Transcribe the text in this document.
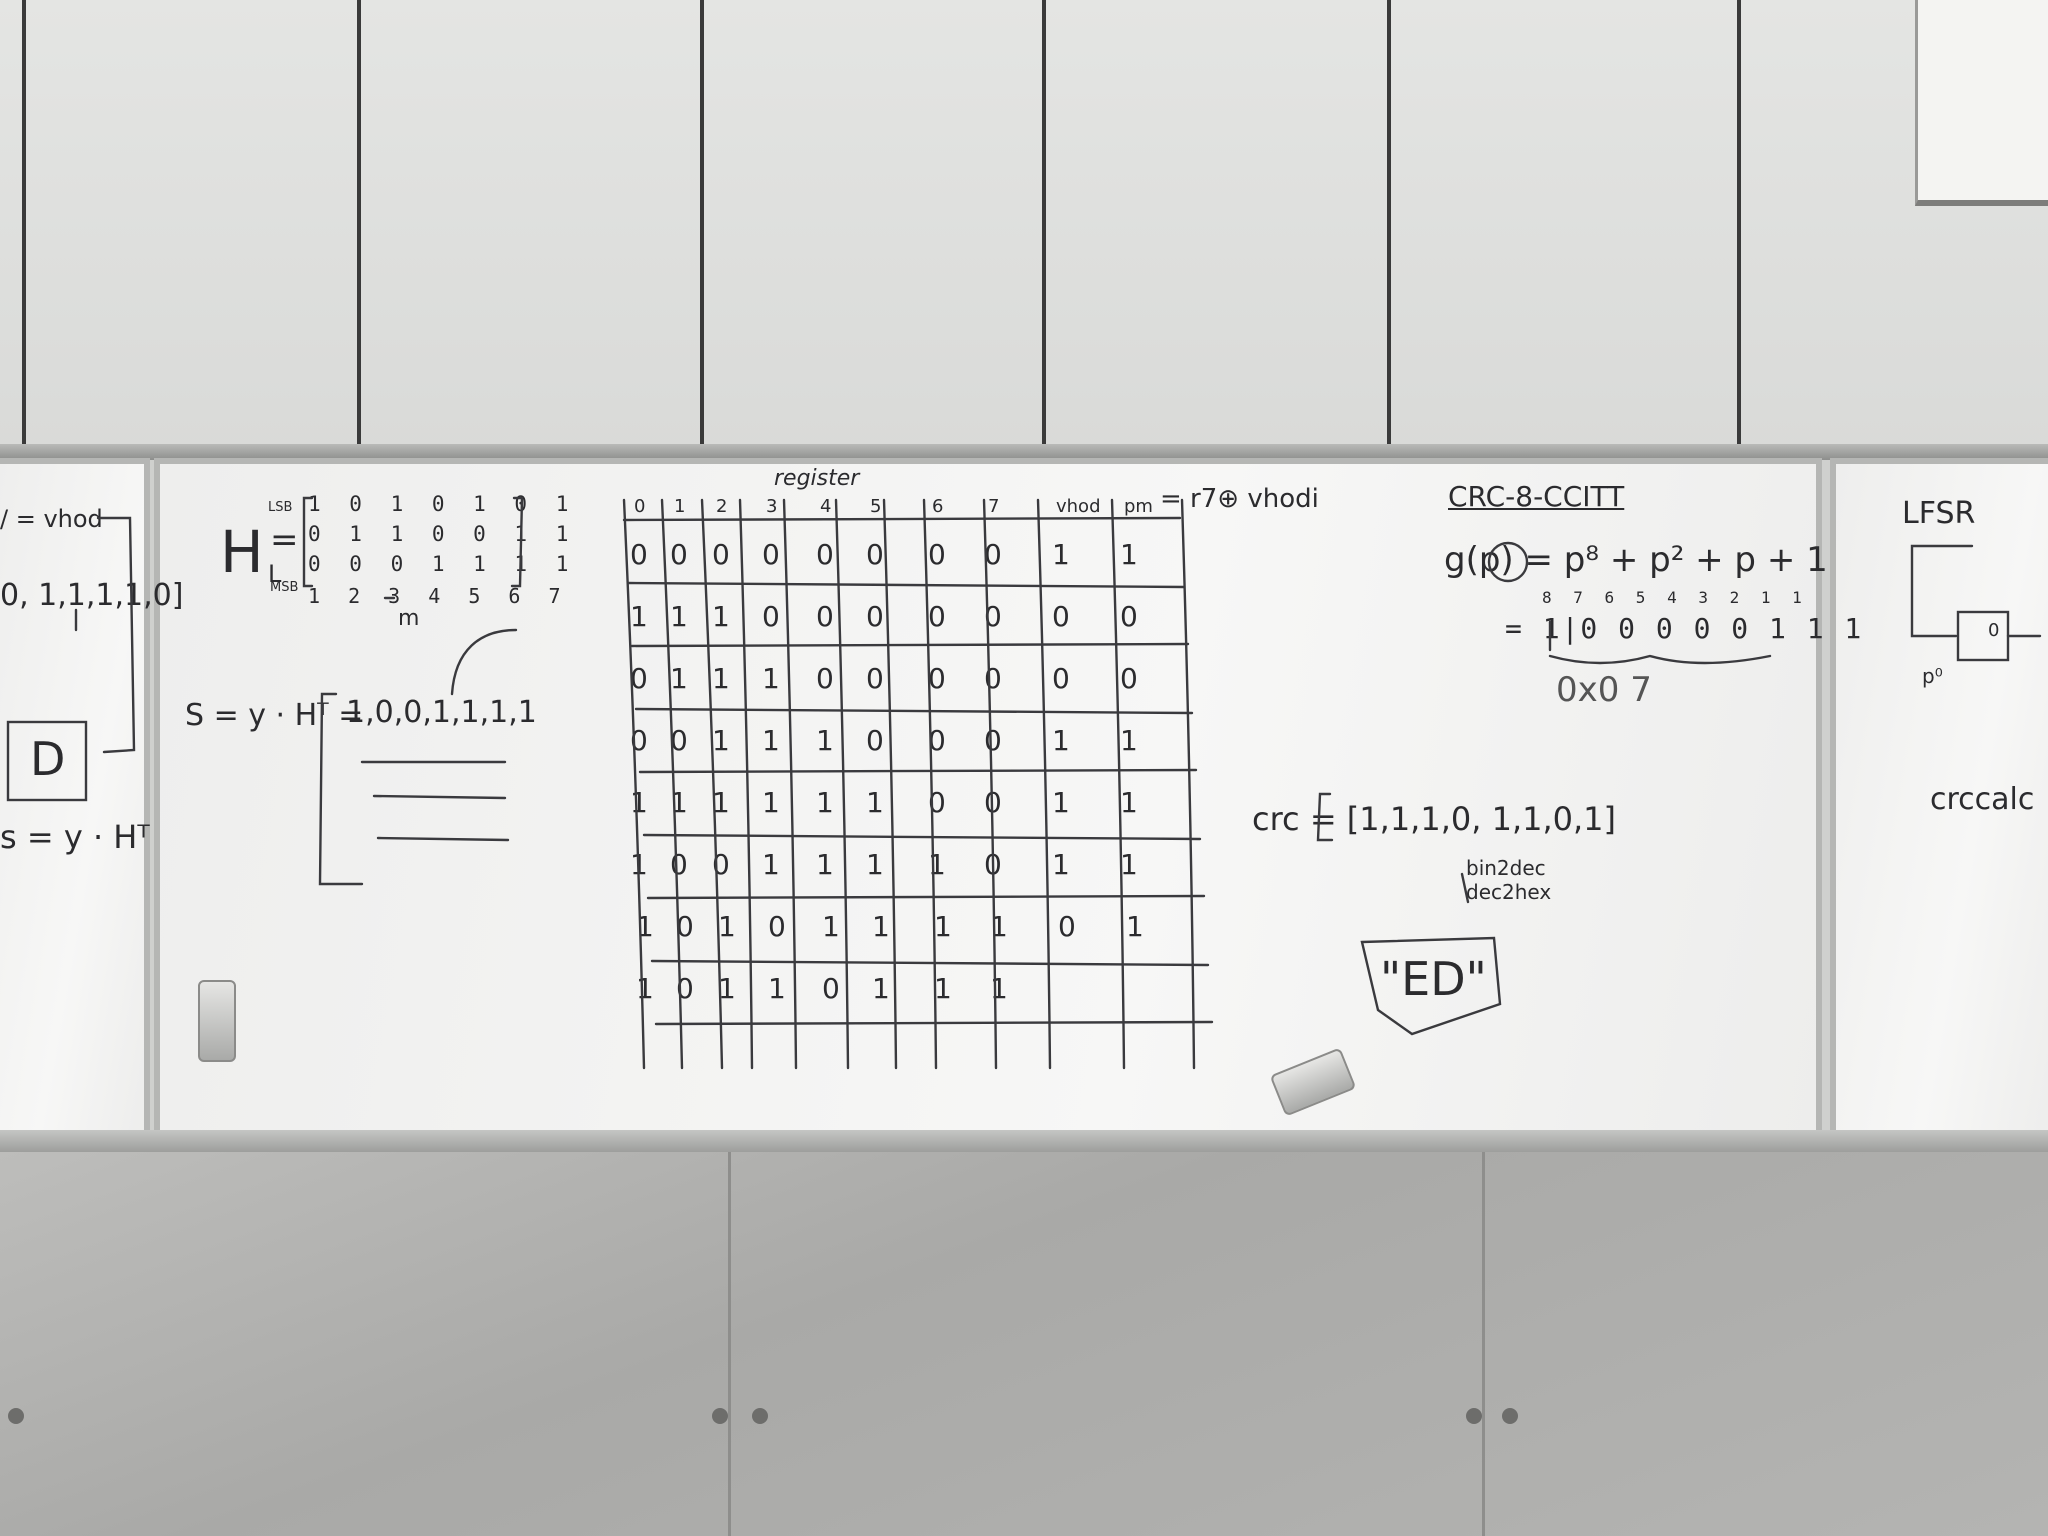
/ = vhod
0, 1,1,1,1,0]
D
s = y · Hᵀ
H L
=
LSB
MSB
1 0 1 0 1 0 1
0 1 1 0 0 1 1
0 0 0 1 1 1 1
1 2 3 4 5 6 7
m
S = y · Hᵀ =
1,0,0,1,1,1,1
register
0 1 2 3 4 5	6 7	vhod pm = r7⊕ vhodi
0 0 0 0 0 0 0 0 1 1
1 1 1 0 0 0 0 0 0 0
0 1 1 1 0 0 0 0 0 0
0 0 1 1 1 0 0 0 1 1
1 1 1 1 1 1 0 0 1 1
1 0 0 1 1 1 1 0 1 1
1 0 1 0 1 1 1 1 0 1
1 0 1 1 0 1 1 1
CRC-8-CCITT
g(p) = p⁸ + p² + p + 1
8 7 6 5 4 3 2 1 1
= 1|0 0 0 0 0 1 1 1
0x0 7
crc = [1,1,1,0, 1,1,0,1]
bin2dec
dec2hex
"ED"
LFSR
0
p⁰
crccalc
